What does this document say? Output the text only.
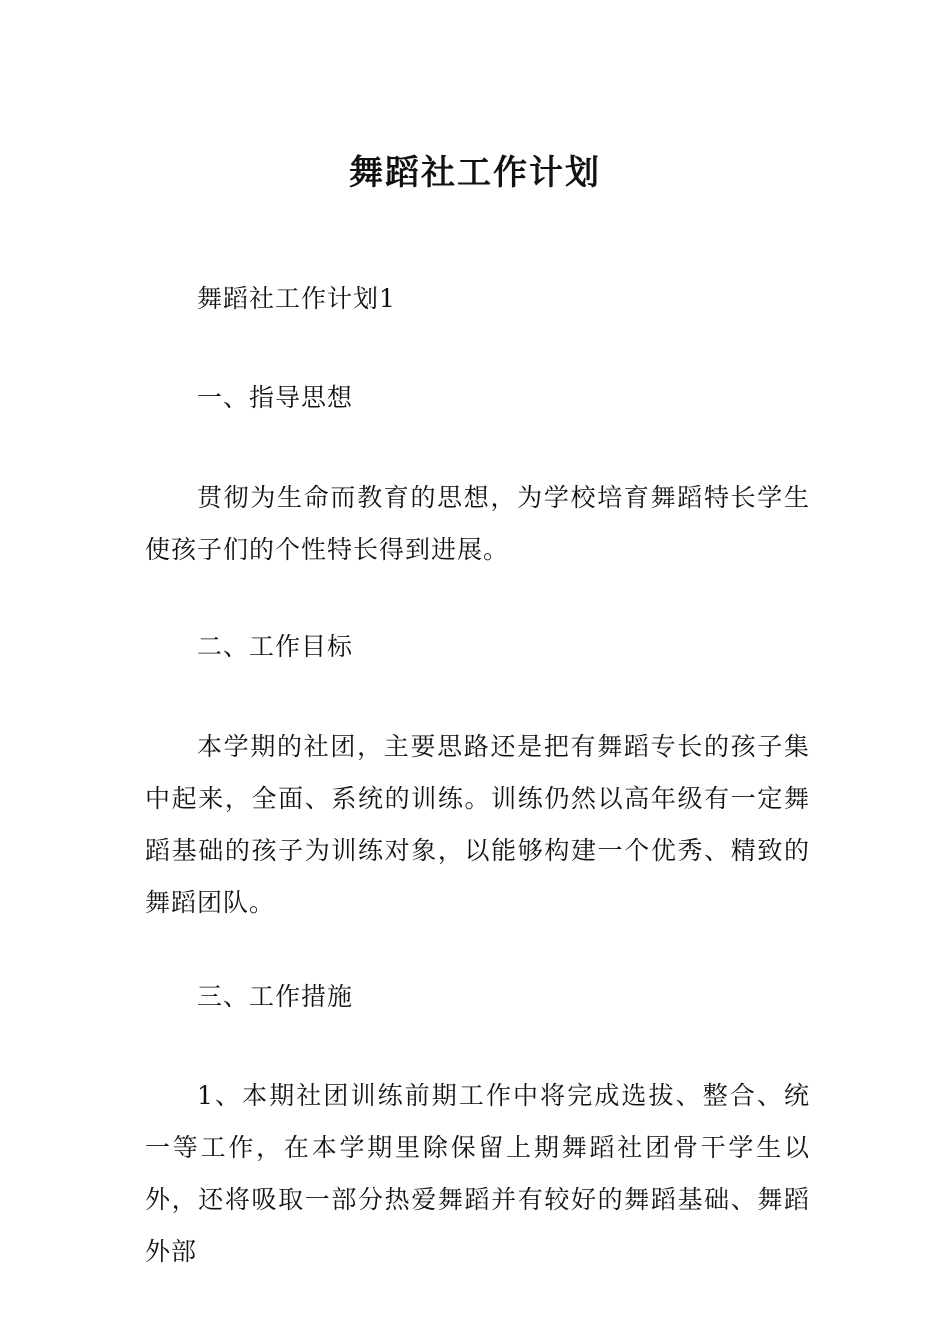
舞蹈社工作计划

舞蹈社工作计划1

一、指导思想

贯彻为生命而教育的思想，为学校培育舞蹈特长学生使孩子们的个性特长得到进展。

二、工作目标

本学期的社团，主要思路还是把有舞蹈专长的孩子集中起来，全面、系统的训练。训练仍然以高年级有一定舞蹈基础的孩子为训练对象，以能够构建一个优秀、精致的舞蹈团队。

三、工作措施

1、本期社团训练前期工作中将完成选拔、整合、统一等工作，在本学期里除保留上期舞蹈社团骨干学生以外，还将吸取一部分热爱舞蹈并有较好的舞蹈基础、舞蹈外部
